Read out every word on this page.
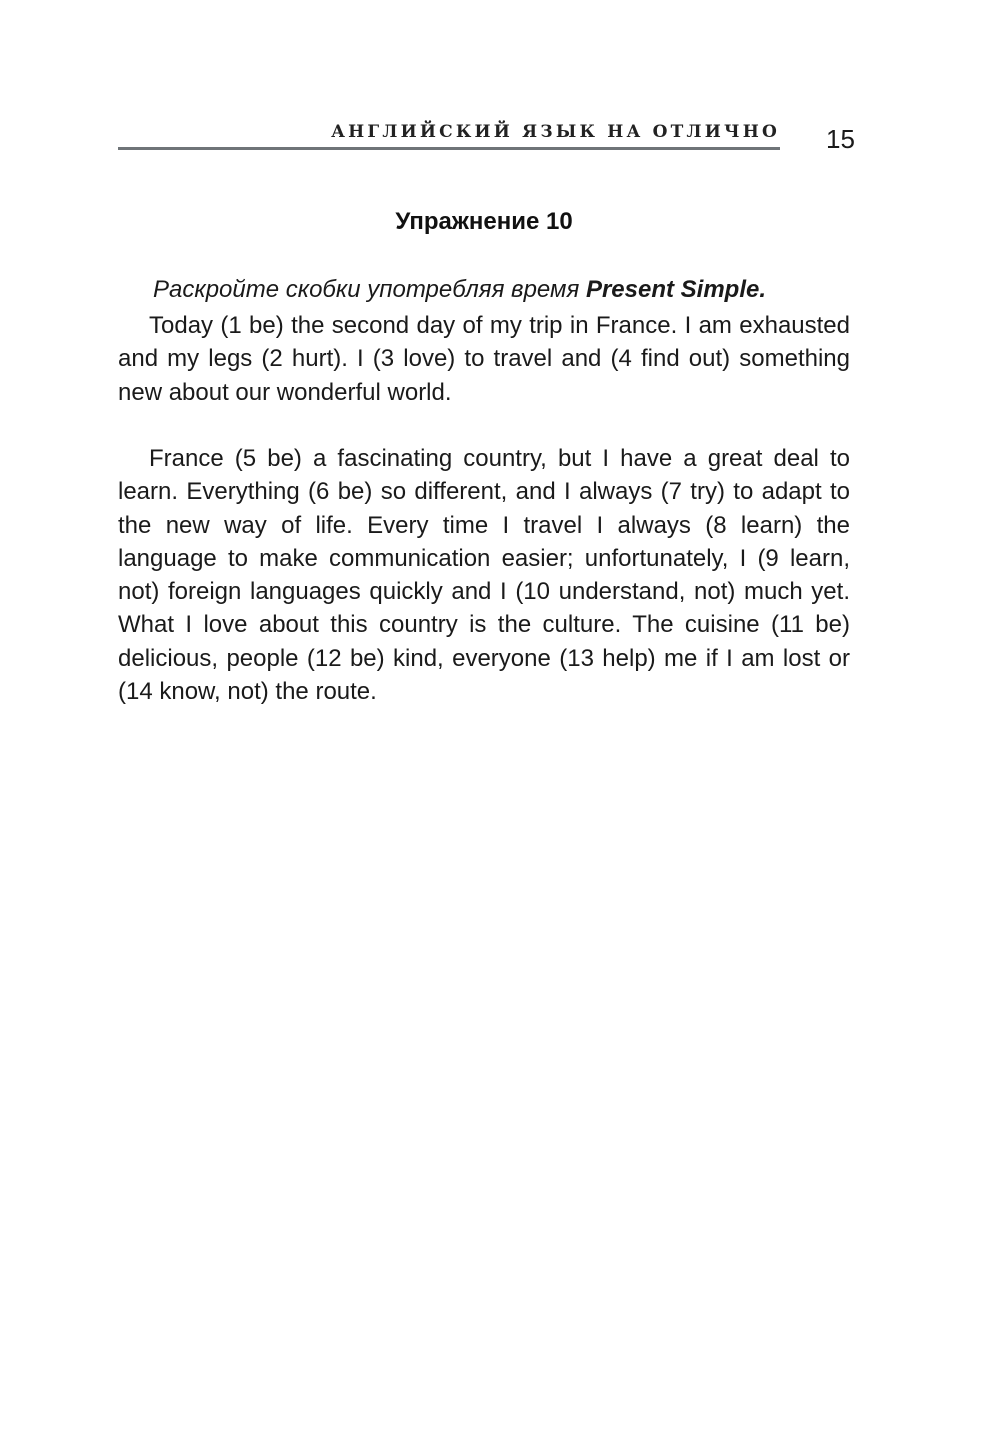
АНГЛИЙСКИЙ ЯЗЫК НА ОТЛИЧНО 15
Упражнение 10
Раскройте скобки употребляя время Present Simple.

Today (1 be) the second day of my trip in France. I am exhausted and my legs (2 hurt). I (3 love) to travel and (4 find out) something new about our wonderful world.

France (5 be) a fascinating country, but I have a great deal to learn. Everything (6 be) so different, and I always (7 try) to adapt to the new way of life. Every time I travel I always (8 learn) the language to make communication easier; unfortunately, I (9 learn, not) foreign languages quickly and I (10 understand, not) much yet. What I love about this country is the culture. The cuisine (11 be) delicious, people (12 be) kind, everyone (13 help) me if I am lost or (14 know, not) the route.
